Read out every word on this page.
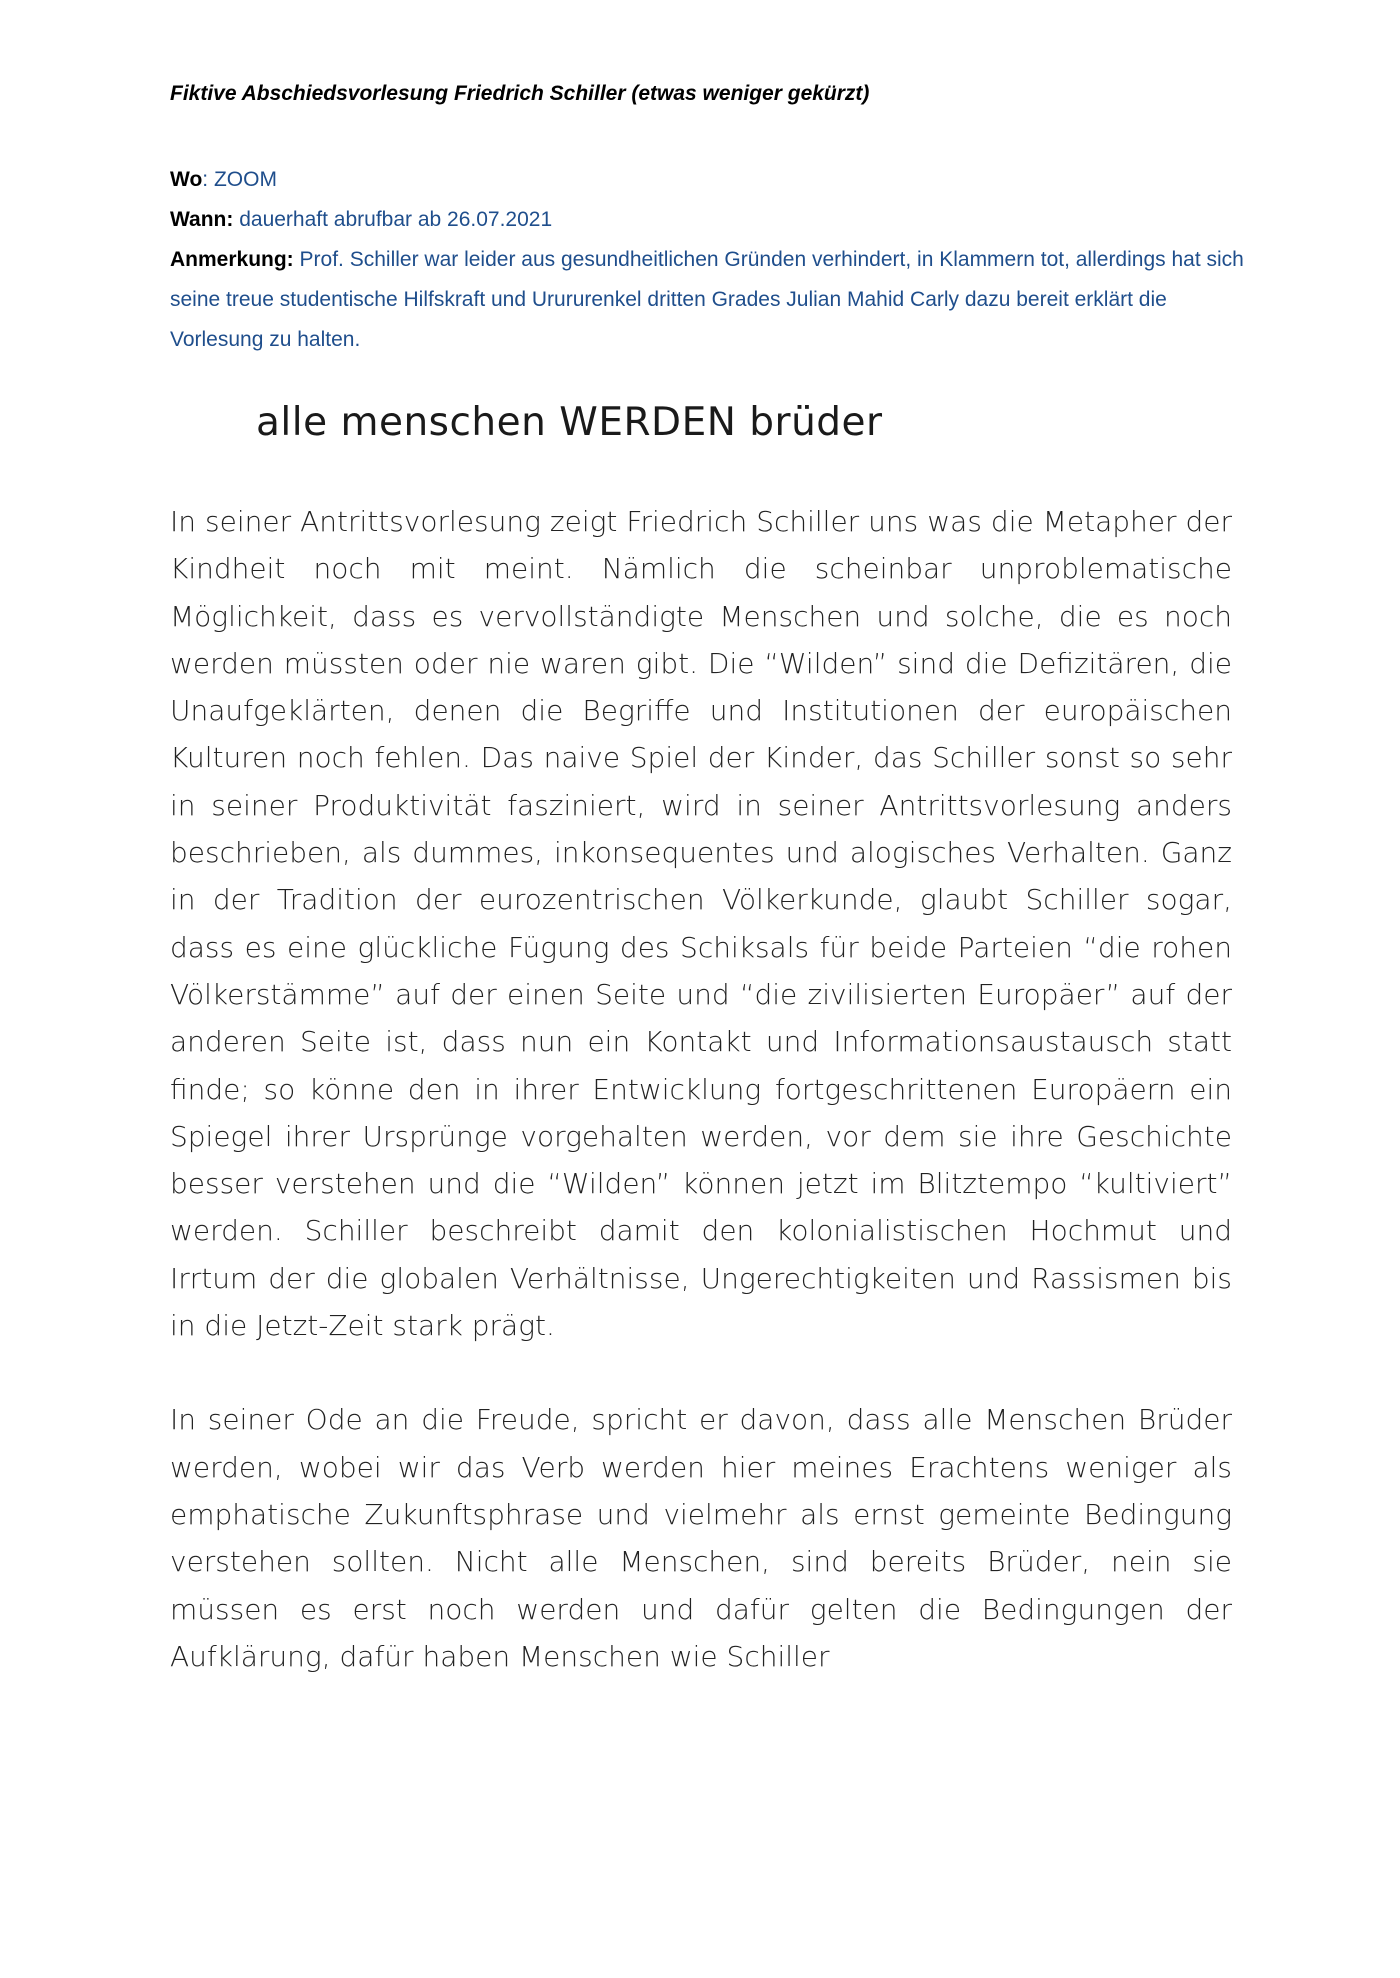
Fiktive Abschiedsvorlesung Friedrich Schiller (etwas weniger gekürzt)
Wo: ZOOM
Wann: dauerhaft abrufbar ab 26.07.2021
Anmerkung: Prof. Schiller war leider aus gesundheitlichen Gründen verhindert, in Klammern tot, allerdings hat sich seine treue studentische Hilfskraft und Urururenkel dritten Grades Julian Mahid Carly dazu bereit erklärt die Vorlesung zu halten.
alle menschen WERDEN brüder

In seiner Antrittsvorlesung zeigt Friedrich Schiller uns was die Metapher der Kindheit noch mit meint. Nämlich die scheinbar unproblematische Möglichkeit, dass es vervollständigte Menschen und solche, die es noch werden müssten oder nie waren gibt. Die “Wilden” sind die Defizitären, die Unaufgeklärten, denen die Begriffe und Institutionen der europäischen Kulturen noch fehlen. Das naive Spiel der Kinder, das Schiller sonst so sehr in seiner Produktivität fasziniert, wird in seiner Antrittsvorlesung anders beschrieben, als dummes, inkonsequentes und alogisches Verhalten. Ganz in der Tradition der eurozentrischen Völkerkunde, glaubt Schiller sogar, dass es eine glückliche Fügung des Schiksals für beide Parteien “die rohen Völkerstämme” auf der einen Seite und “die zivilisierten Europäer” auf der anderen Seite ist, dass nun ein Kontakt und Informationsaustausch statt finde; so könne den in ihrer Entwicklung fortgeschrittenen Europäern ein Spiegel ihrer Ursprünge vorgehalten werden, vor dem sie ihre Geschichte besser verstehen und die “Wilden” können jetzt im Blitztempo “kultiviert” werden. Schiller beschreibt damit den kolonialistischen Hochmut und Irrtum der die globalen Verhältnisse, Ungerechtigkeiten und Rassismen bis in die Jetzt-Zeit stark prägt.

In seiner Ode an die Freude, spricht er davon, dass alle Menschen Brüder werden, wobei wir das Verb werden hier meines Erachtens weniger als emphatische Zukunftsphrase und vielmehr als ernst gemeinte Bedingung verstehen sollten. Nicht alle Menschen, sind bereits Brüder, nein sie müssen es erst noch werden und dafür gelten die Bedingungen der Aufklärung, dafür haben Menschen wie Schiller
